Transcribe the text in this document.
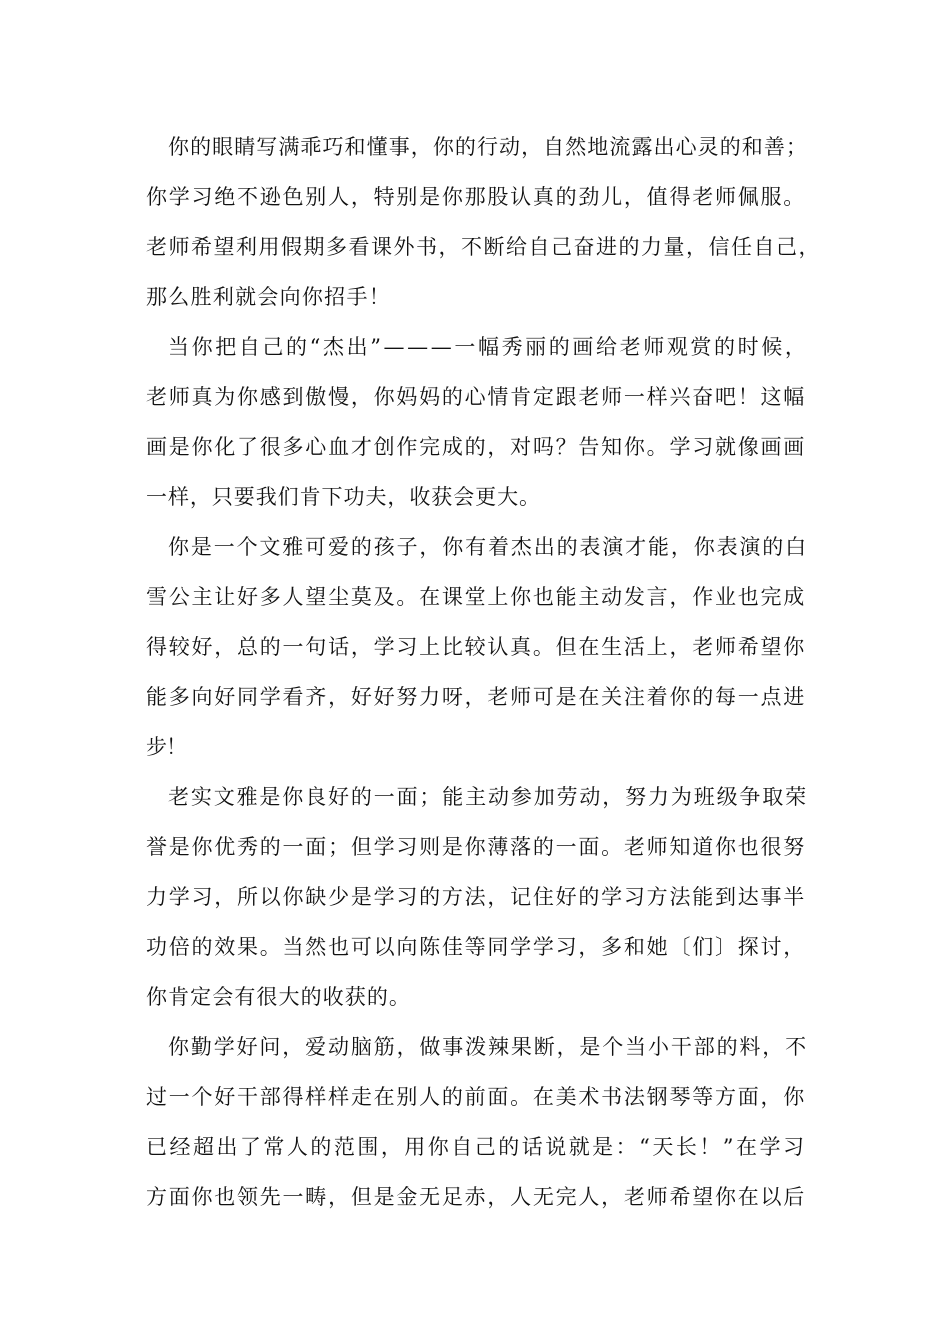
你的眼睛写满乖巧和懂事，你的行动，自然地流露出心灵的和善；
你学习绝不逊色别人，特别是你那股认真的劲儿，值得老师佩服。
老师希望利用假期多看课外书，不断给自己奋进的力量，信任自己，
那么胜利就会向你招手！
当你把自己的“杰出”———一幅秀丽的画给老师观赏的时候，
老师真为你感到傲慢，你妈妈的心情肯定跟老师一样兴奋吧！这幅
画是你化了很多心血才创作完成的，对吗？告知你。学习就像画画
一样，只要我们肯下功夫，收获会更大。
你是一个文雅可爱的孩子，你有着杰出的表演才能，你表演的白
雪公主让好多人望尘莫及。在课堂上你也能主动发言，作业也完成
得较好，总的一句话，学习上比较认真。但在生活上，老师希望你
能多向好同学看齐，好好努力呀，老师可是在关注着你的每一点进
步！
老实文雅是你良好的一面；能主动参加劳动，努力为班级争取荣
誉是你优秀的一面；但学习则是你薄落的一面。老师知道你也很努
力学习，所以你缺少是学习的方法，记住好的学习方法能到达事半
功倍的效果。当然也可以向陈佳等同学学习，多和她〔们〕探讨，
你肯定会有很大的收获的。
你勤学好问，爱动脑筋，做事泼辣果断，是个当小干部的料，不
过一个好干部得样样走在别人的前面。在美术书法钢琴等方面，你
已经超出了常人的范围，用你自己的话说就是：“天长！”在学习
方面你也领先一畴，但是金无足赤，人无完人，老师希望你在以后
